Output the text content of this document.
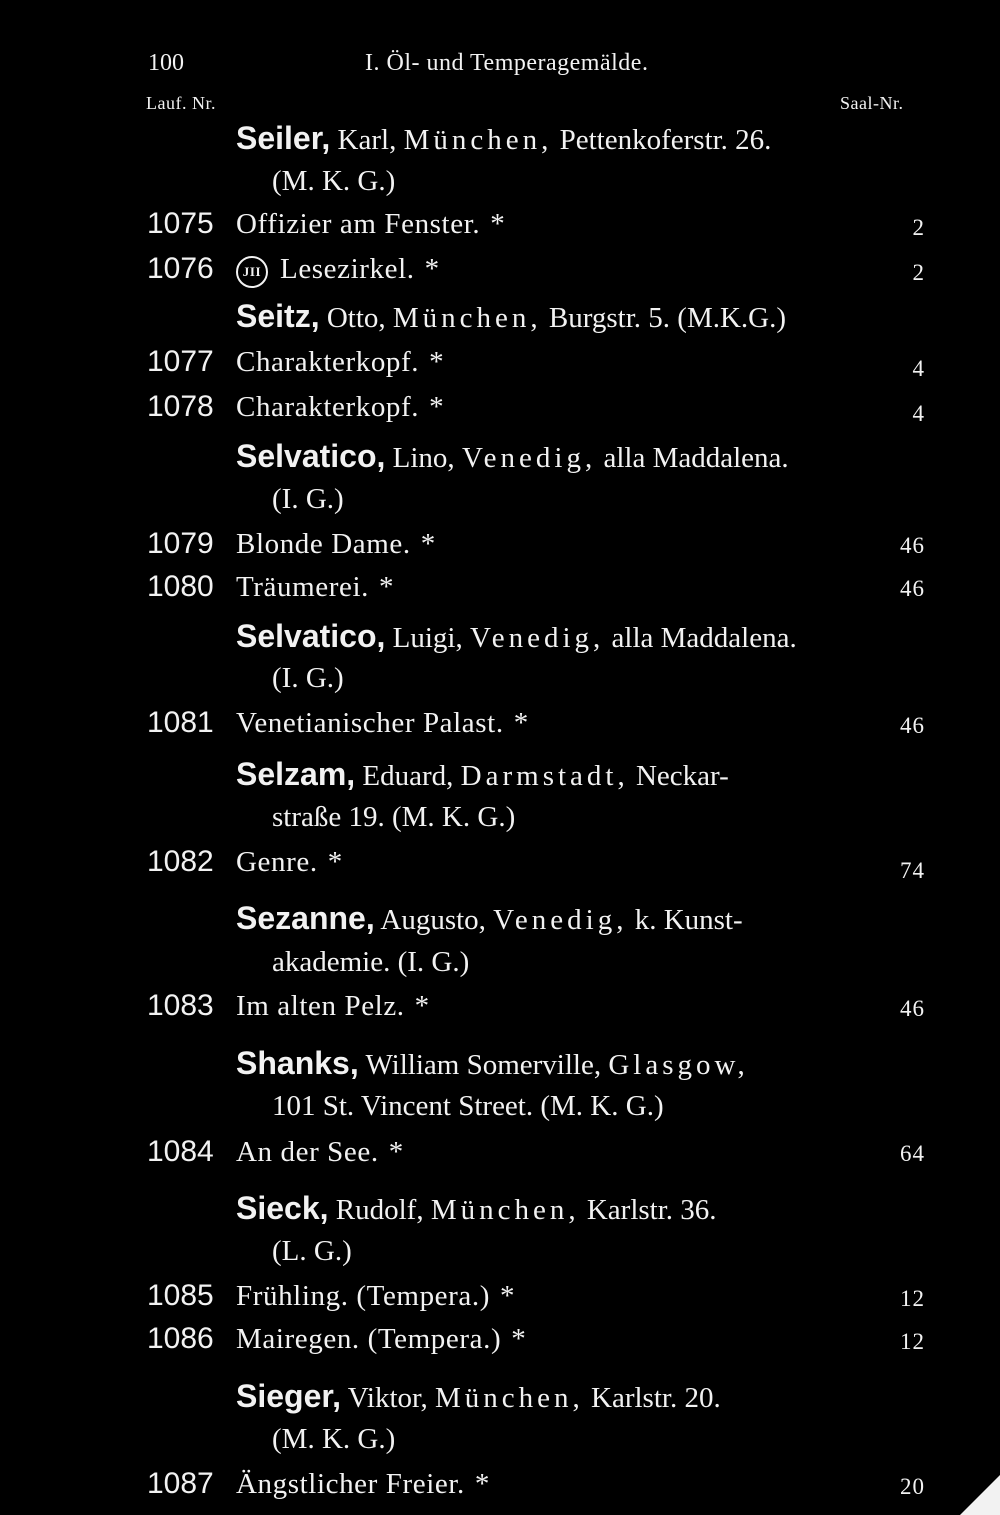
100	I. Öl- und Temperagemälde.
Lauf. Nr.	Saal-Nr.
Seiler, Karl, München, Pettenkoferstr. 26.
(M. K. G.)
1075 Offizier am Fenster. *	2
1076	JII Lesezirkel. *	2
Seitz, Otto, München, Burgstr. 5. (M.K.G.)
1077 Charakterkopf. *	4
1078 Charakterkopf. *	4
Selvatico, Lino, Venedig, alla Maddalena.
(I. G.)
1079 Blonde Dame. *	46
1080 Träumerei. *	46
Selvatico, Luigi, Venedig, alla Maddalena.
(I. G.)
1081 Venetianischer Palast. *	46
Selzam, Eduard, Darmstadt, Neckar-
straße 19. (M. K. G.)
1082 Genre. *	74
Sezanne, Augusto, Venedig, k. Kunst-
akademie. (I. G.)
1083 Im alten Pelz. *	46
Shanks, William Somerville, Glasgow,
101 St. Vincent Street. (M. K. G.)
1084 An der See. *	64
Sieck, Rudolf, München, Karlstr. 36.
(L. G.)
1085 Frühling. (Tempera.) *	12
1086 Mairegen. (Tempera.) *	12
Sieger, Viktor, München, Karlstr. 20.
(M. K. G.)
1087 Ängstlicher Freier. *	20
